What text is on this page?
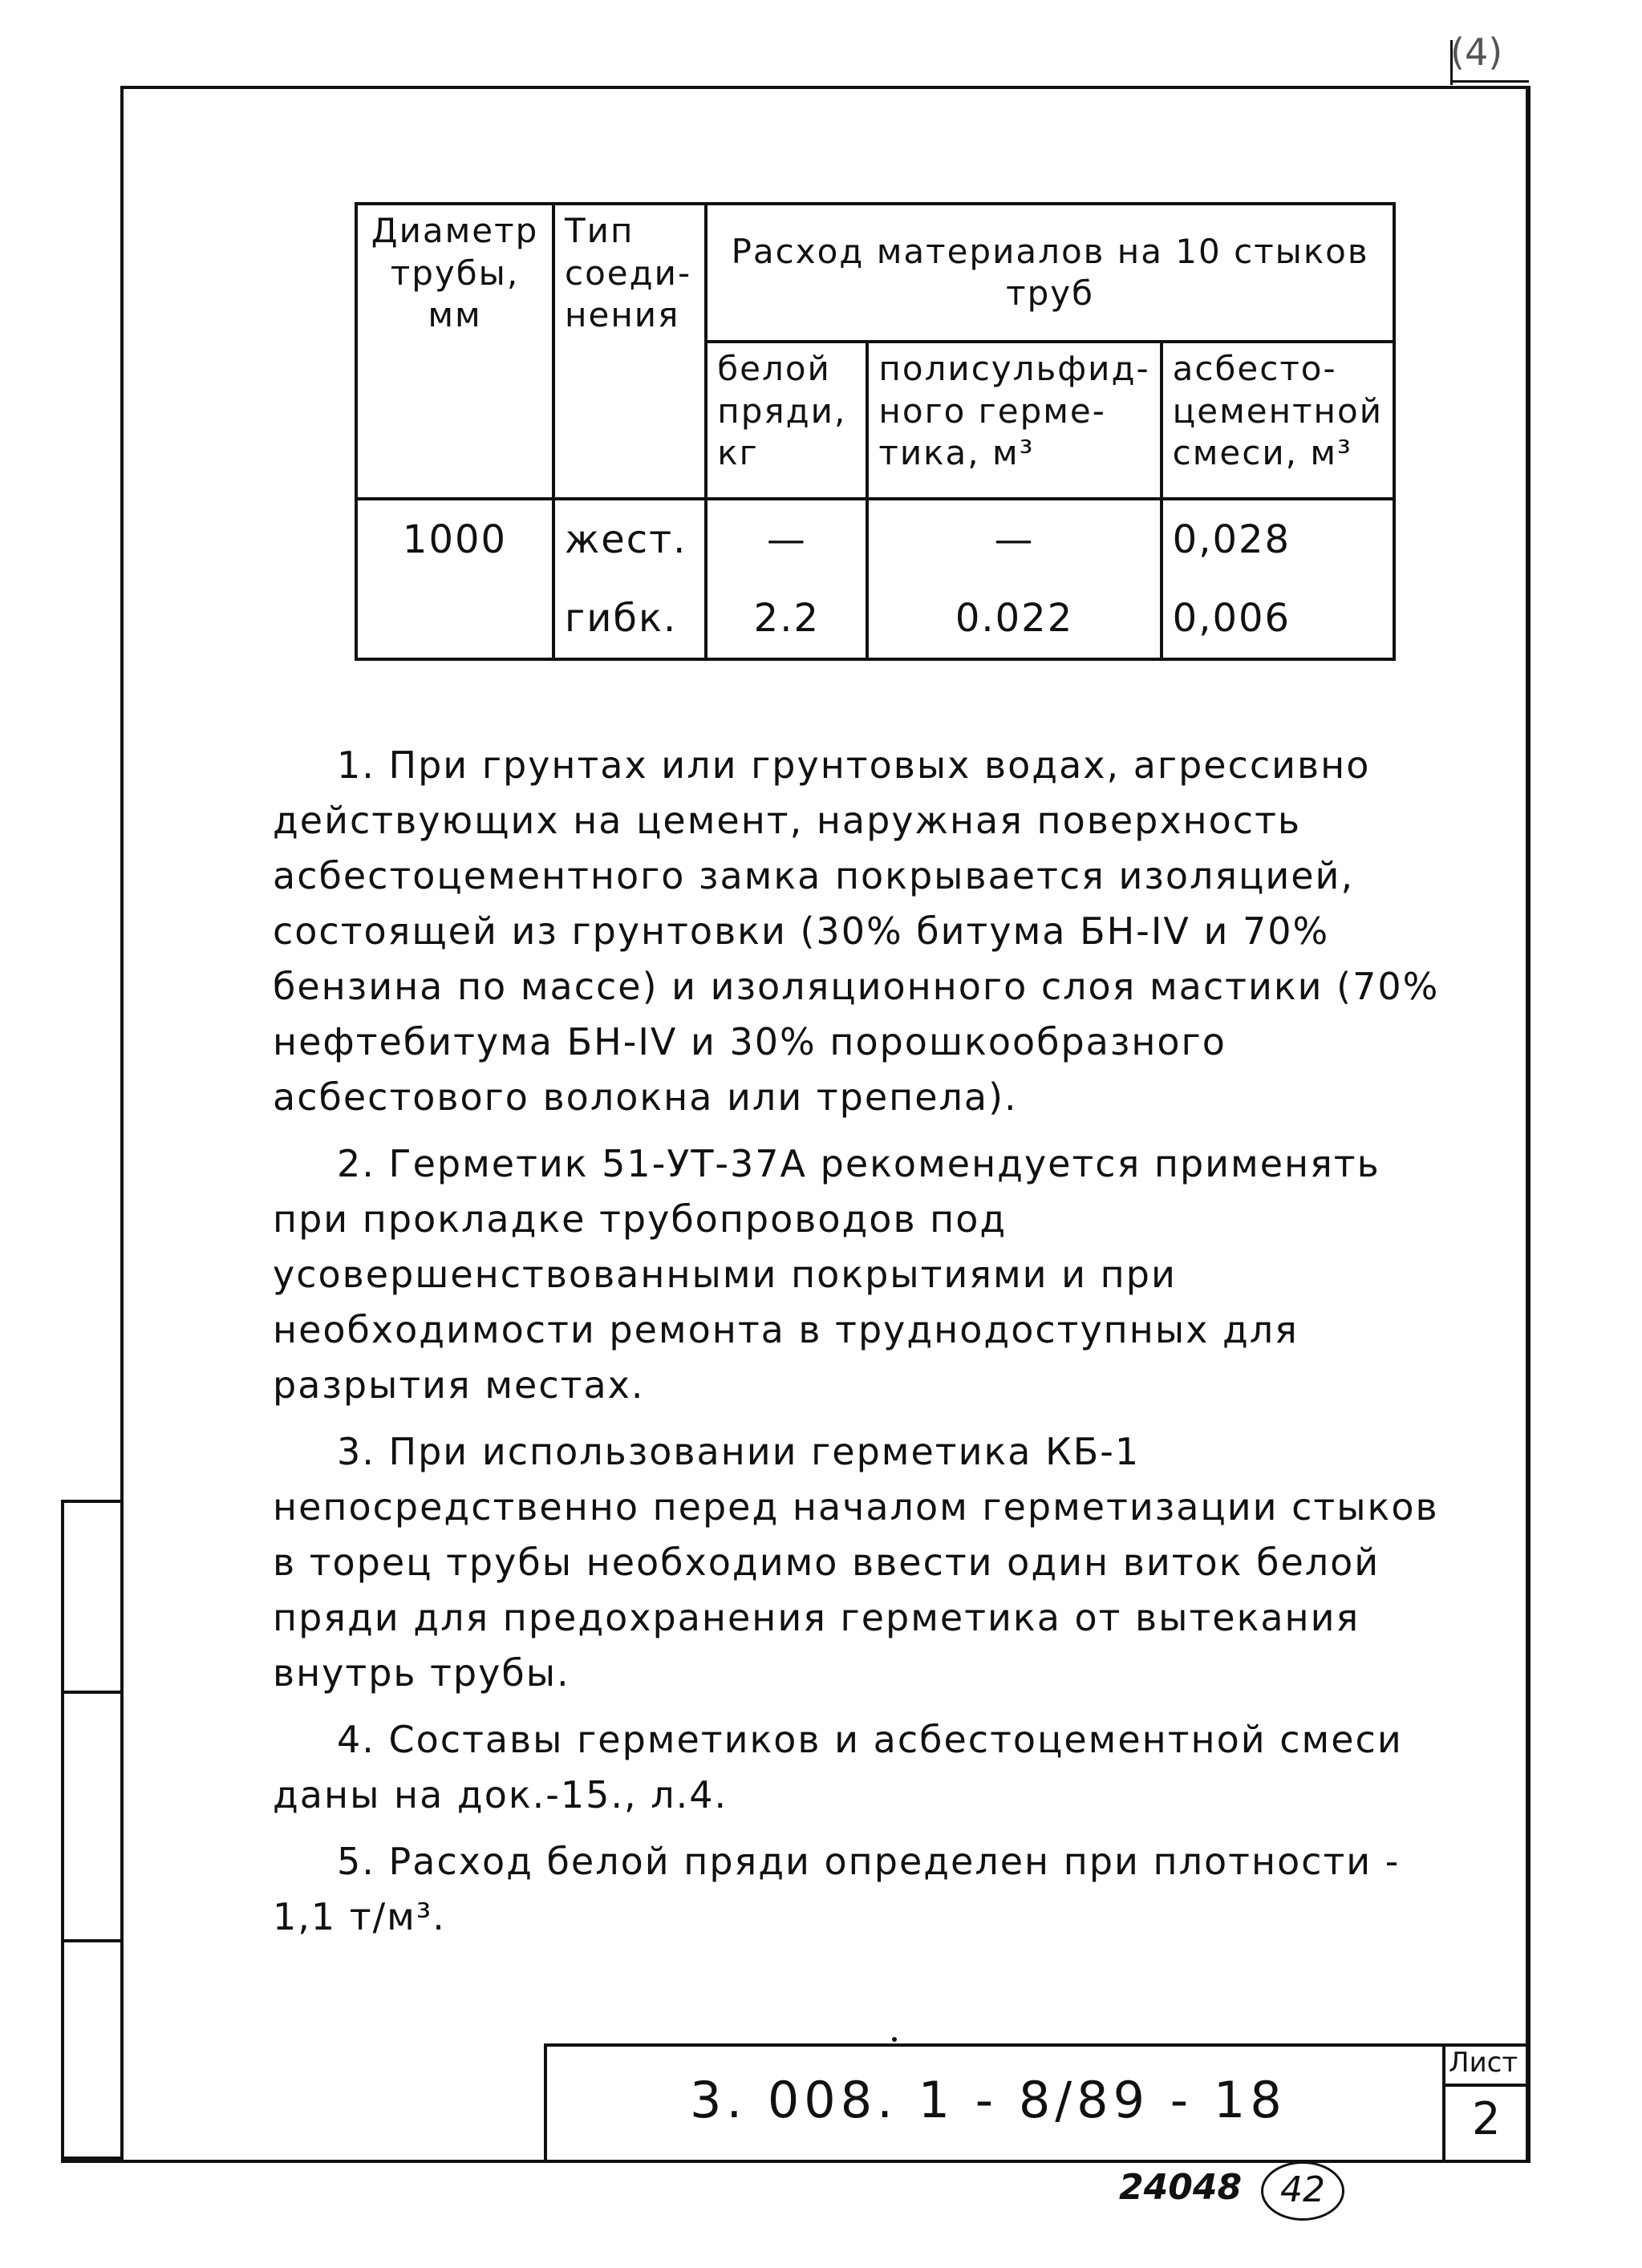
(4)
Диаметр трубы, мм	Тип соеди-нения	Расход материалов на 10 стыков труб		
		белой пряди, кг	полисульфид-ного герме-тика, м³	асбесто-цементной смеси, м³
1000	жест.	—	—	0,028
	гибк.	2.2	0.022	0,006

1. При грунтах или грунтовых водах, агрессивно действующих на цемент, наружная поверхность асбестоцементного замка покрывается изоляцией, состоящей из грунтовки (30% битума БН-IV и 70% бензина по массе) и изоляционного слоя мастики (70% нефтебитума БН-IV и 30% порошкообразного асбестового волокна или трепела).

2. Герметик 51-УТ-37А рекомендуется применять при прокладке трубопроводов под усовершенствованными покрытиями и при необходимости ремонта в труднодоступных для разрытия местах.

3. При использовании герметика КБ-1 непосредственно перед началом герметизации стыков в торец трубы необходимо ввести один виток белой пряди для предохранения герметика от вытекания внутрь трубы.

4. Составы герметиков и асбестоцементной смеси даны на док.-15., л.4.

5. Расход белой пряди определен при плотности - 1,1 т/м³.

3. 008. 1 - 8/89 - 18
Лист
2
24048	42
